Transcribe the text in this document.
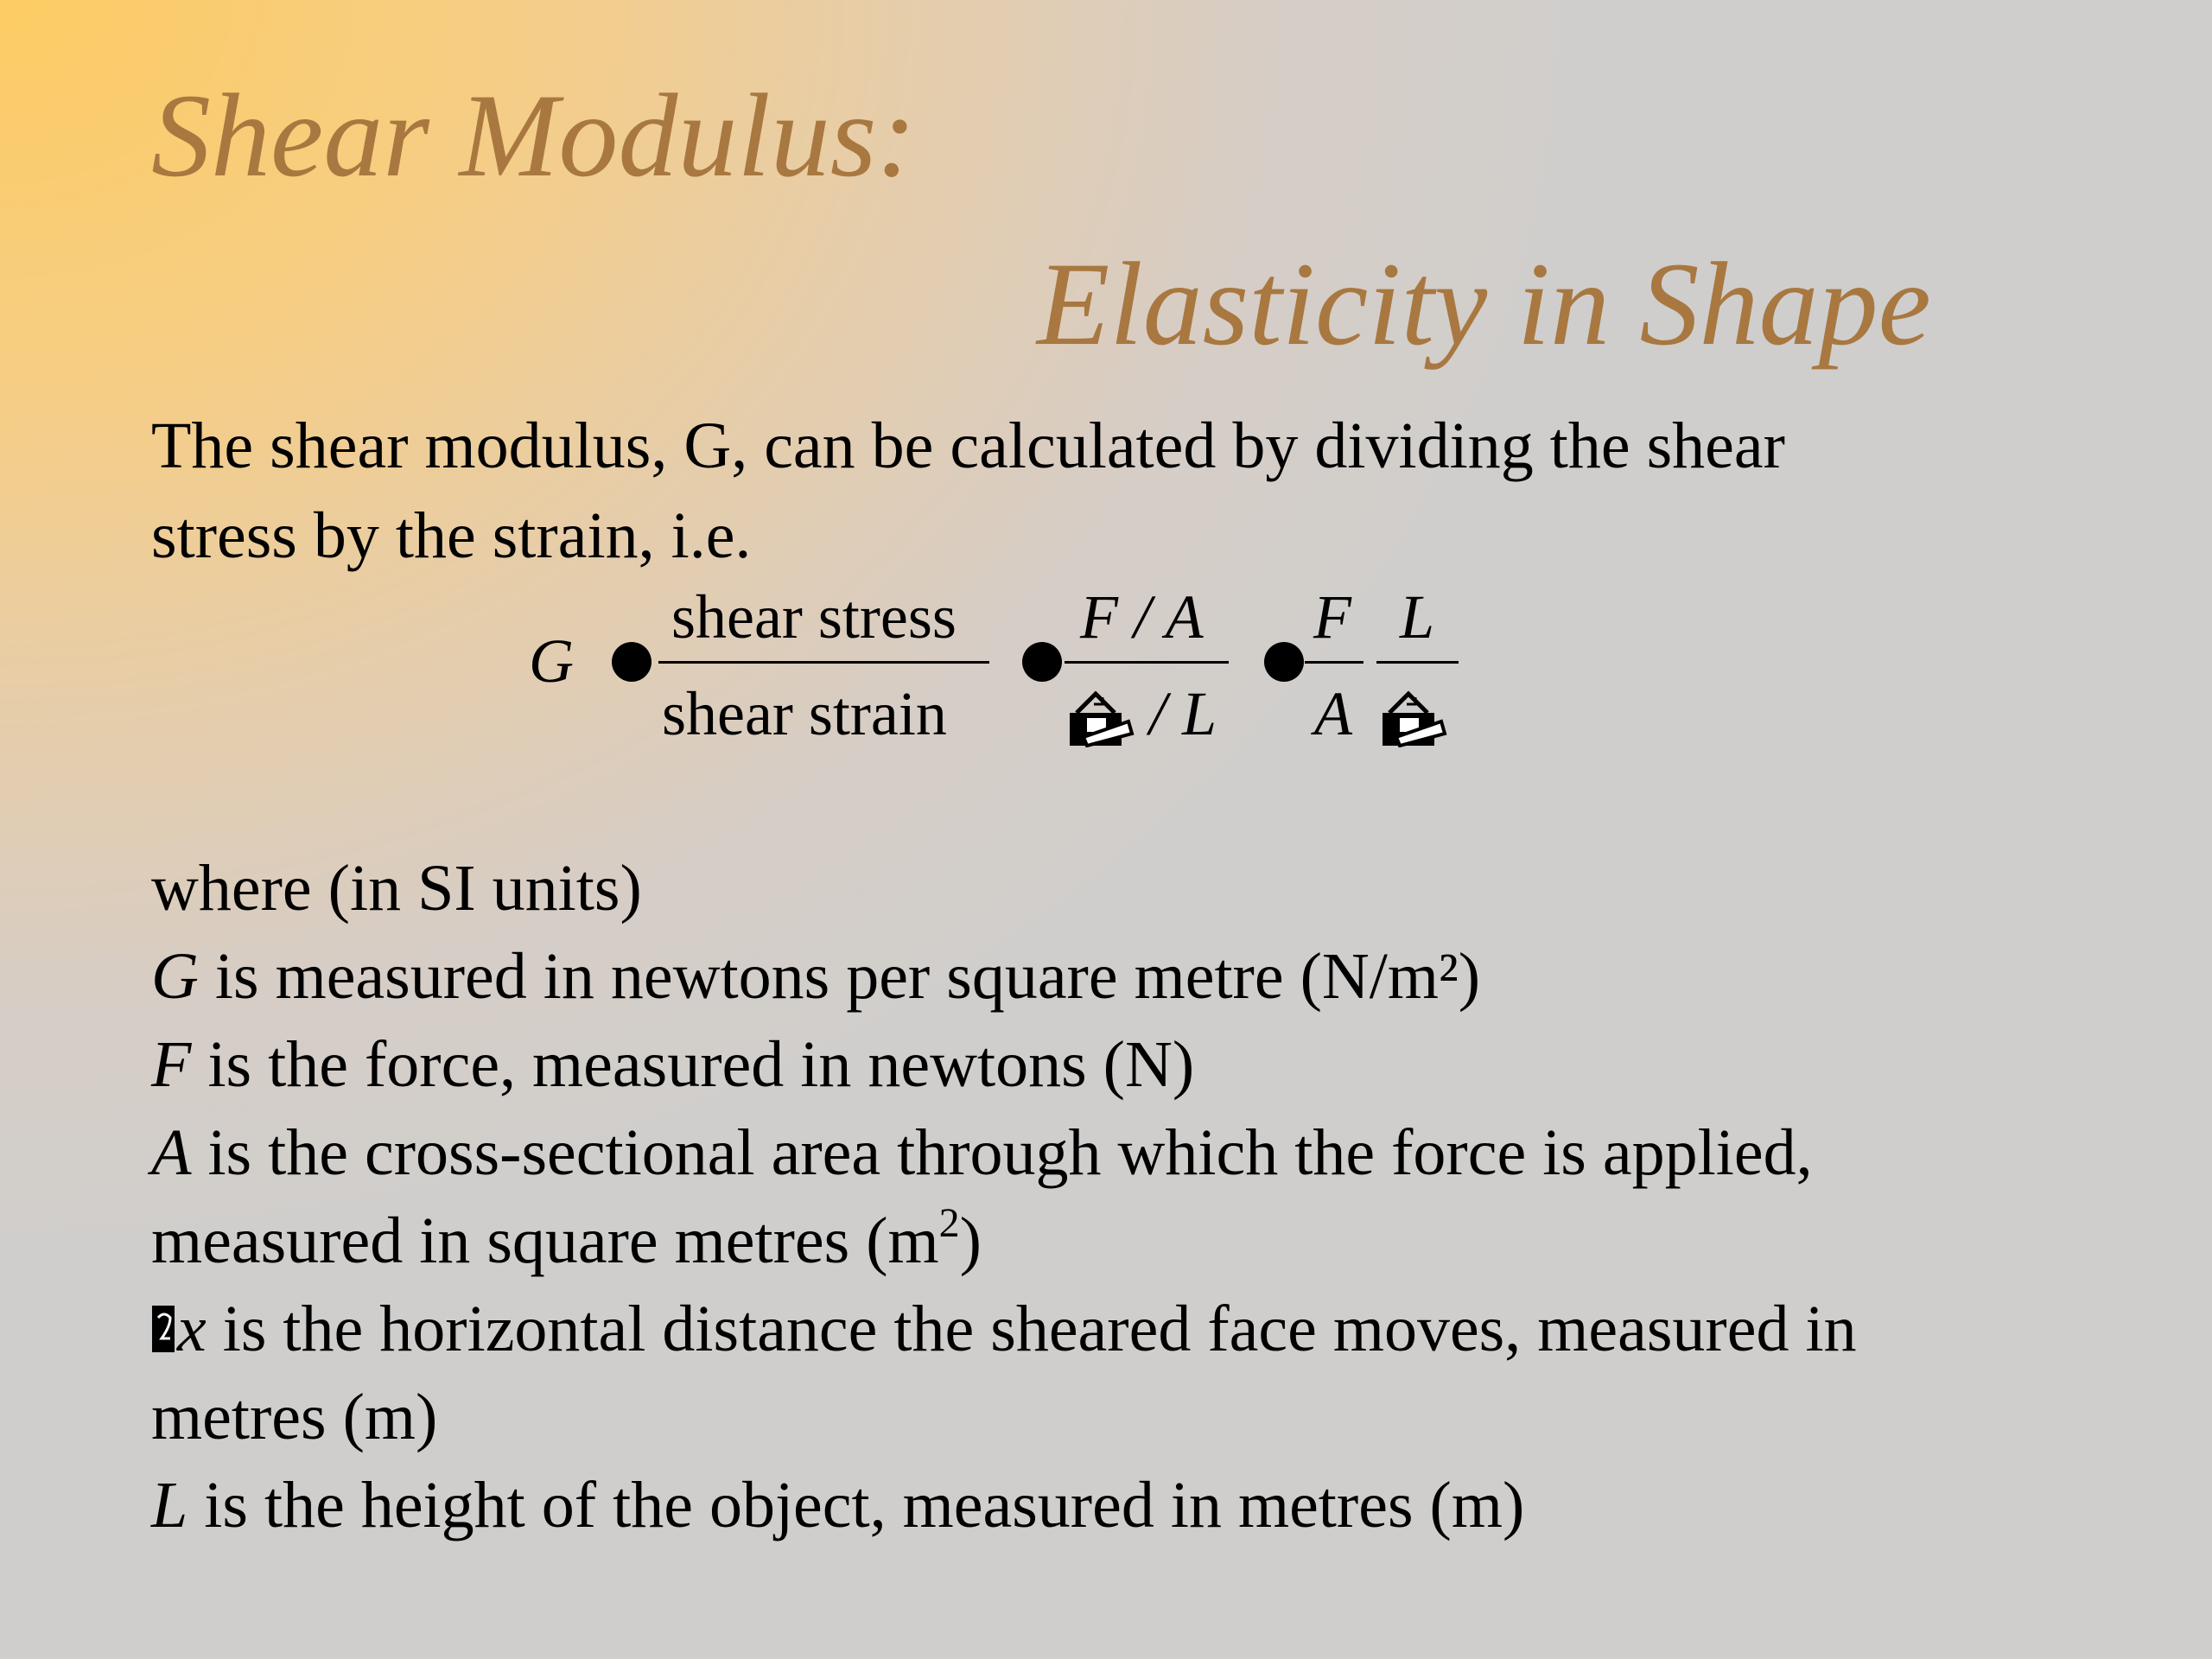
Shear Modulus:
Elasticity in Shape
The shear modulus, G, can be calculated by dividing the shear
stress by the strain, i.e.
G
shear stress
shear strain
F / A
/ L
F
A
L
where (in SI units)
G is measured in newtons per square metre (N/m²)
F is the force, measured in newtons (N)
A is the cross-sectional area through which the force is applied,
measured in square metres $(m^2)$
x is the horizontal distance the sheared face moves, measured in
metres (m)
L is the height of the object, measured in metres (m)
